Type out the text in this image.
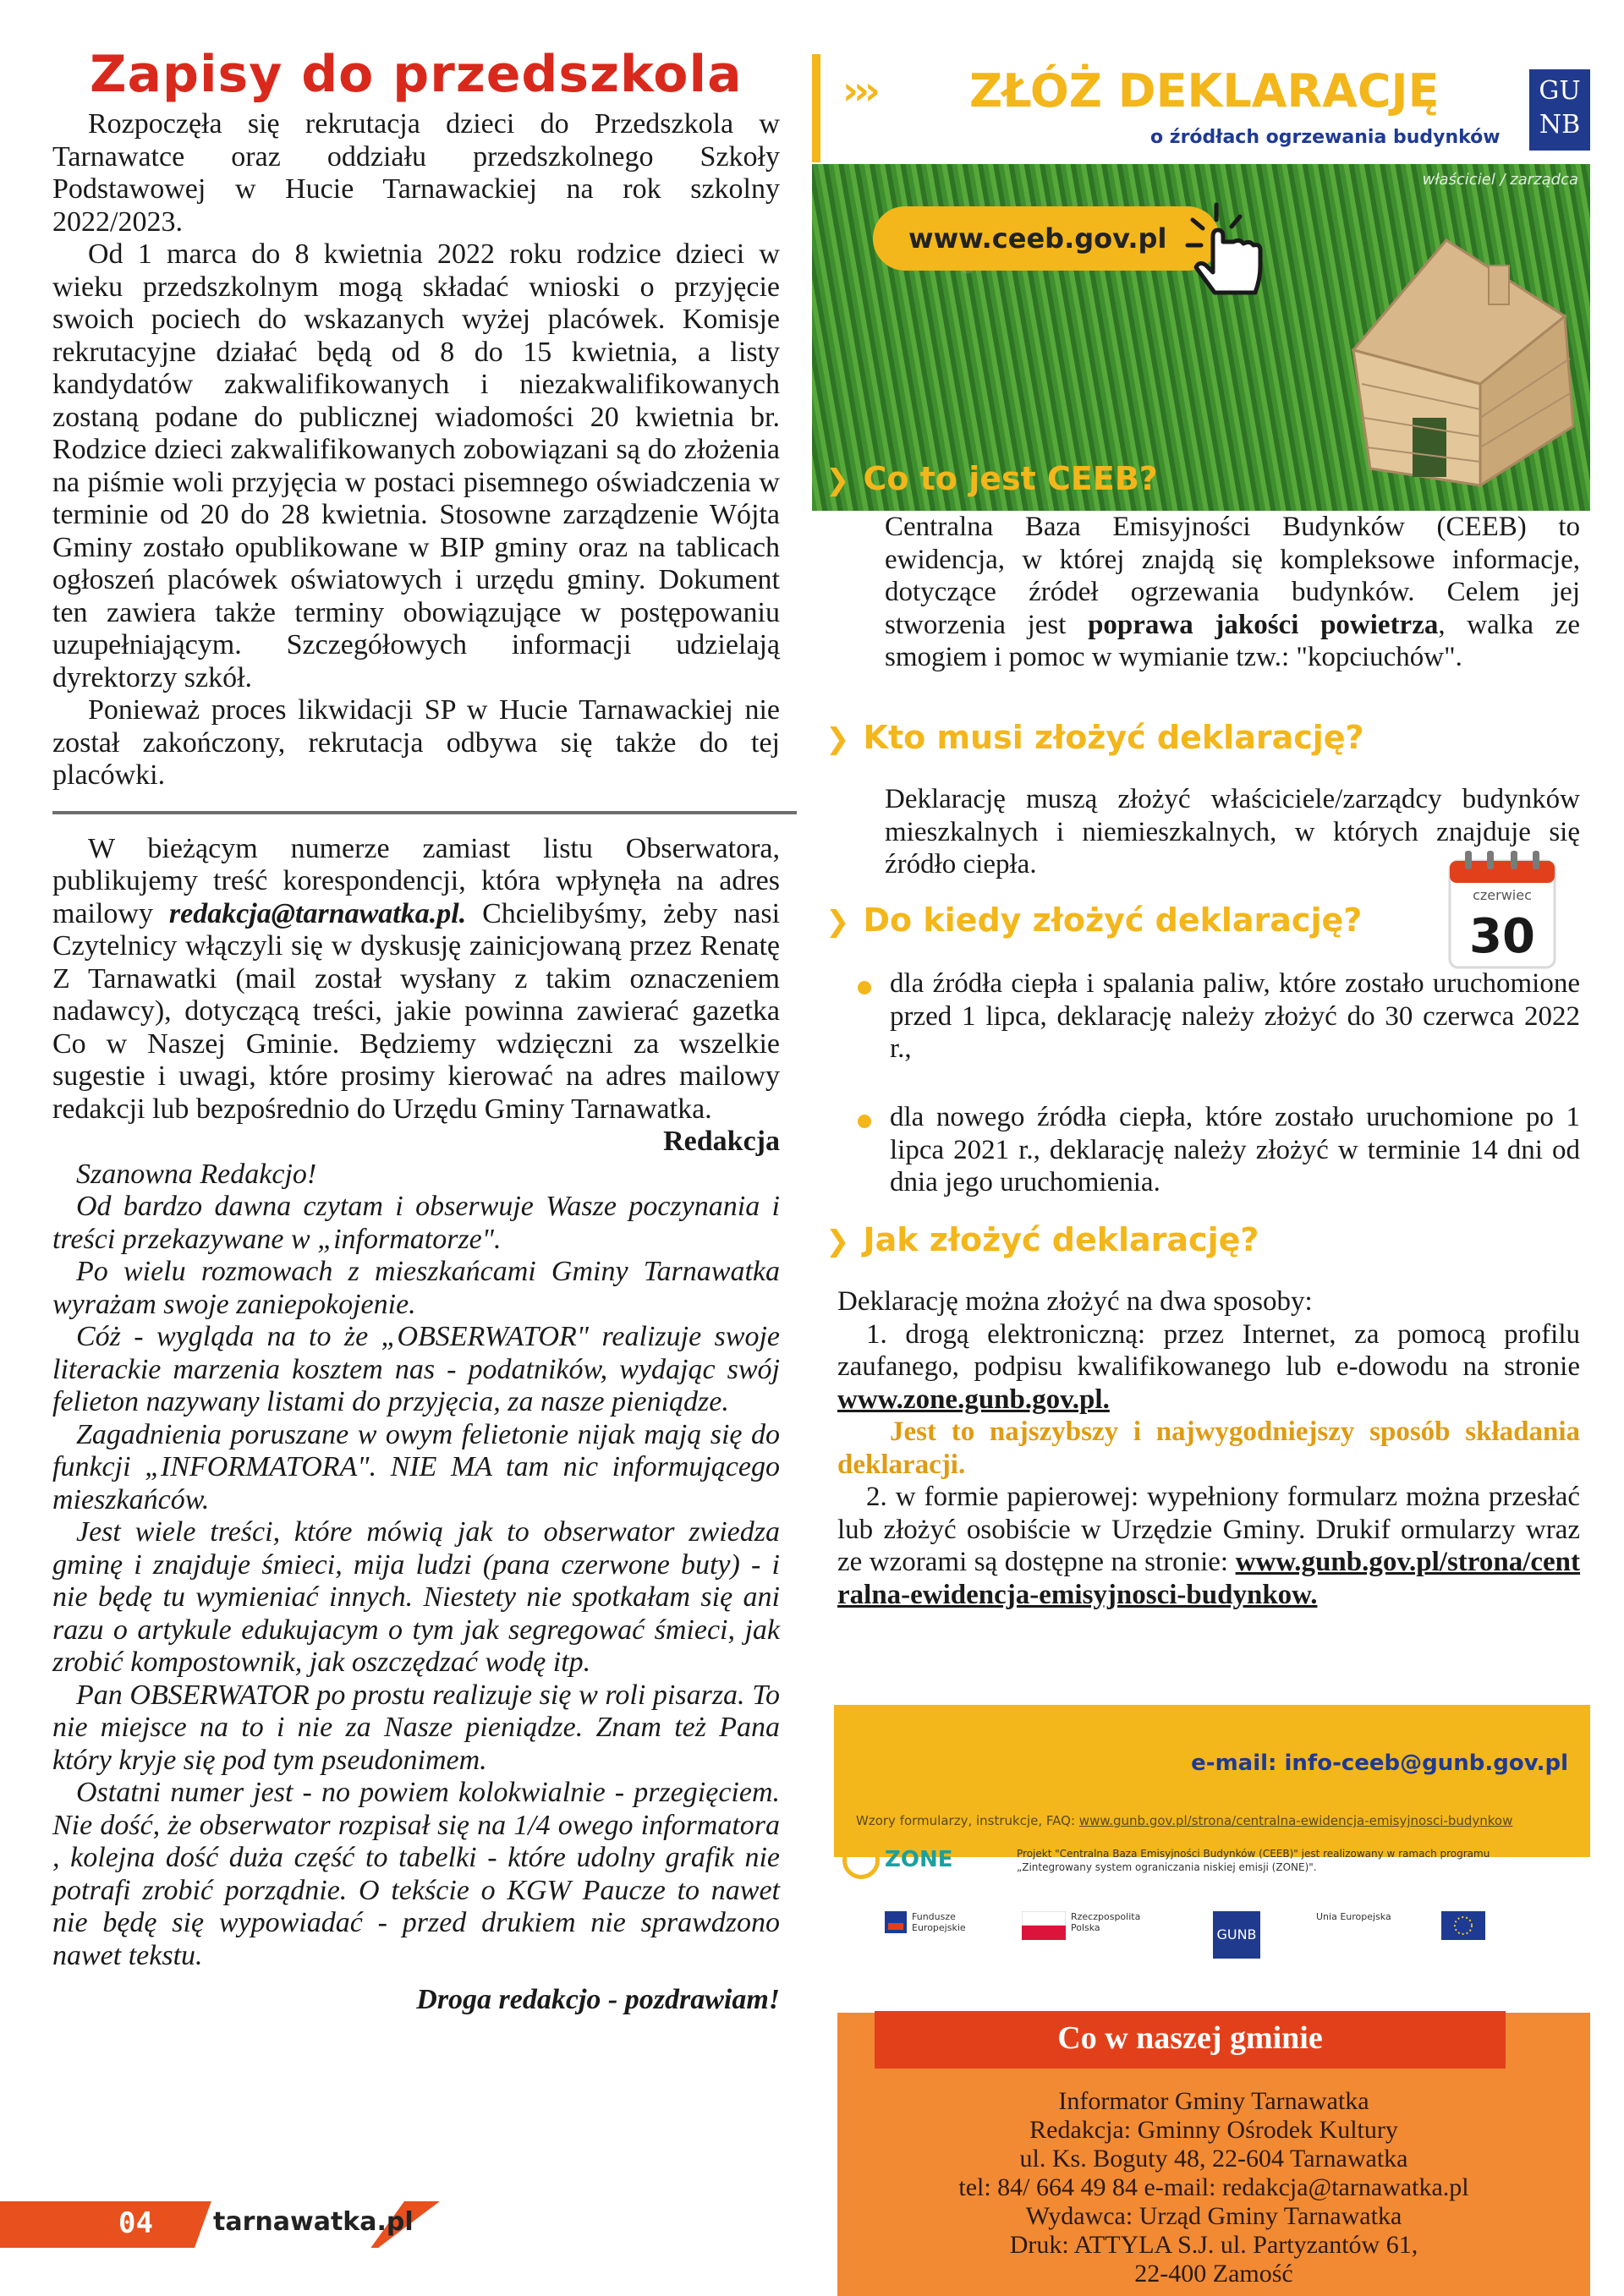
Zapisy do przedszkola

Rozpoczęła się rekrutacja dzieci do Przedszkola w Tarnawatce oraz oddziału przedszkolnego Szkoły Podstawowej w Hucie Tarnawackiej na rok szkolny 2022/2023.

Od 1 marca do 8 kwietnia 2022 roku rodzice dzieci w wieku przedszkolnym mogą składać wnioski o przyjęcie swoich pociech do wskazanych wyżej placówek. Komisje rekrutacyjne działać będą od 8 do 15 kwietnia, a listy kandydatów zakwalifikowanych i niezakwalifikowanych zostaną podane do publicznej wiadomości 20 kwietnia br. Rodzice dzieci zakwalifikowanych zobowiązani są do złożenia na piśmie woli przyjęcia w postaci pisemnego oświadczenia w terminie od 20 do 28 kwietnia. Stosowne zarządzenie Wójta Gminy zostało opublikowane w BIP gminy oraz na tablicach ogłoszeń placówek oświatowych i urzędu gminy. Dokument ten zawiera także terminy obowiązujące w postępowaniu uzupełniającym. Szczegółowych informacji udzielają dyrektorzy szkół.

Ponieważ proces likwidacji SP w Hucie Tarnawackiej nie został zakończony, rekrutacja odbywa się także do tej placówki.

W bieżącym numerze zamiast listu Obserwatora, publikujemy treść korespondencji, która wpłynęła na adres mailowy redakcja@tarnawatka.pl. Chcielibyśmy, żeby nasi Czytelnicy włączyli się w dyskusję zainicjowaną przez Renatę Z Tarnawatki (mail został wysłany z takim oznaczeniem nadawcy), dotyczącą treści, jakie powinna zawierać gazetka Co w Naszej Gminie. Będziemy wdzięczni za wszelkie sugestie i uwagi, które prosimy kierować na adres mailowy redakcji lub bezpośrednio do Urzędu Gminy Tarnawatka.

Redakcja

Szanowna Redakcjo!

Od bardzo dawna czytam i obserwuje Wasze poczynania i treści przekazywane w „informatorze".

Po wielu rozmowach z mieszkańcami Gminy Tarnawatka wyrażam swoje zaniepokojenie.

Cóż - wygląda na to że „OBSERWATOR" realizuje swoje literackie marzenia kosztem nas - podatników, wydając swój felieton nazywany listami do przyjęcia, za nasze pieniądze.

Zagadnienia poruszane w owym felietonie nijak mają się do funkcji „INFORMATORA". NIE MA tam nic informującego mieszkańców.

Jest wiele treści, które mówią jak to obserwator zwiedza gminę i znajduje śmieci, mija ludzi (pana czerwone buty) - i nie będę tu wymieniać innych. Niestety nie spotkałam się ani razu o artykule edukujacym o tym jak segregować śmieci, jak zrobić kompostownik, jak oszczędzać wodę itp.

Pan OBSERWATOR po prostu realizuje się w roli pisarza. To nie miejsce na to i nie za Nasze pieniądze. Znam też Pana który kryje się pod tym pseudonimem.

Ostatni numer jest - no powiem kolokwialnie - przegięciem. Nie dość, że obserwator rozpisał się na 1/4 owego informatora , kolejna dość duża część to tabelki - które udolny grafik nie potrafi zrobić porządnie. O tekście o KGW Paucze to nawet nie będę się wypowiadać - przed drukiem nie sprawdzono nawet tekstu.

Droga redakcjo - pozdrawiam!

04 tarnawatka.pl
››› ZŁÓŻ DEKLARACJĘ
o źródłach ogrzewania budynków
GU
NB
właściciel / zarządca
www.ceeb.gov.pl
❯ Co to jest CEEB?
Centralna Baza Emisyjności Budynków (CEEB) to ewidencja, w której znajdą się kompleksowe informacje, dotyczące źródeł ogrzewania budynków. Celem jej stworzenia jest poprawa jakości powietrza, walka ze smogiem i pomoc w wymianie tzw.: "kopciuchów".
❯ Kto musi złożyć deklarację?
Deklarację muszą złożyć właściciele/zarządcy budynków mieszkalnych i niemieszkalnych, w których znajduje się źródło ciepła.
❯ Do kiedy złożyć deklarację?
czerwiec
30
dla źródła ciepła i spalania paliw, które zostało uruchomione przed 1 lipca, deklarację należy złożyć do 30 czerwca 2022 r.,
dla nowego źródła ciepła, które zostało uruchomione po 1 lipca 2021 r., deklarację należy złożyć w terminie 14 dni od dnia jego uruchomienia.
❯ Jak złożyć deklarację?
Deklarację można złożyć na dwa sposoby:
1. drogą elektroniczną: przez Internet, za pomocą profilu zaufanego, podpisu kwalifikowanego lub e-dowodu na stronie www.zone.gunb.gov.pl.
Jest to najszybszy i najwygodniejszy sposób składania deklaracji.
2. w formie papierowej: wypełniony formularz można przesłać lub złożyć osobiście w Urzędzie Gminy. Drukif ormularzy wraz ze wzorami są dostępne na stronie: www.gunb.gov.pl/strona/centralna-ewidencja-emisyjnosci-budynkow.
e-mail: info-ceeb@gunb.gov.pl
Wzory formularzy, instrukcje, FAQ: www.gunb.gov.pl/strona/centralna-ewidencja-emisyjnosci-budynkow
ZONE	Projekt "Centralna Baza Emisyjności Budynków (CEEB)" jest realizowany w ramach programu „Zintegrowany system ograniczania niskiej emisji (ZONE)".
Fundusze Europejskie
Rzeczpospolita Polska	GUNB
Unia Europejska
Co w naszej gminie
Informator Gminy Tarnawatka
Redakcja: Gminny Ośrodek Kultury
ul. Ks. Boguty 48, 22-604 Tarnawatka
tel: 84/ 664 49 84 e-mail: redakcja@tarnawatka.pl
Wydawca: Urząd Gminy Tarnawatka
Druk: ATTYLA S.J. ul. Partyzantów 61,
22-400 Zamość
